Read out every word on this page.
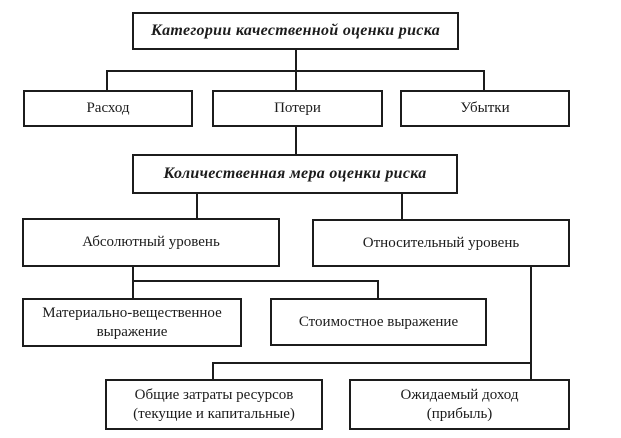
Категории качественной оценки риска
Расход	Потери	Убытки
Количественная мера оценки риска
Абсолютный уровень	Относительный уровень
Материально-вещественное выражение
Стоимостное выражение
Общие затраты ресурсов (текущие и капитальные)
Ожидаемый доход (прибыль)
